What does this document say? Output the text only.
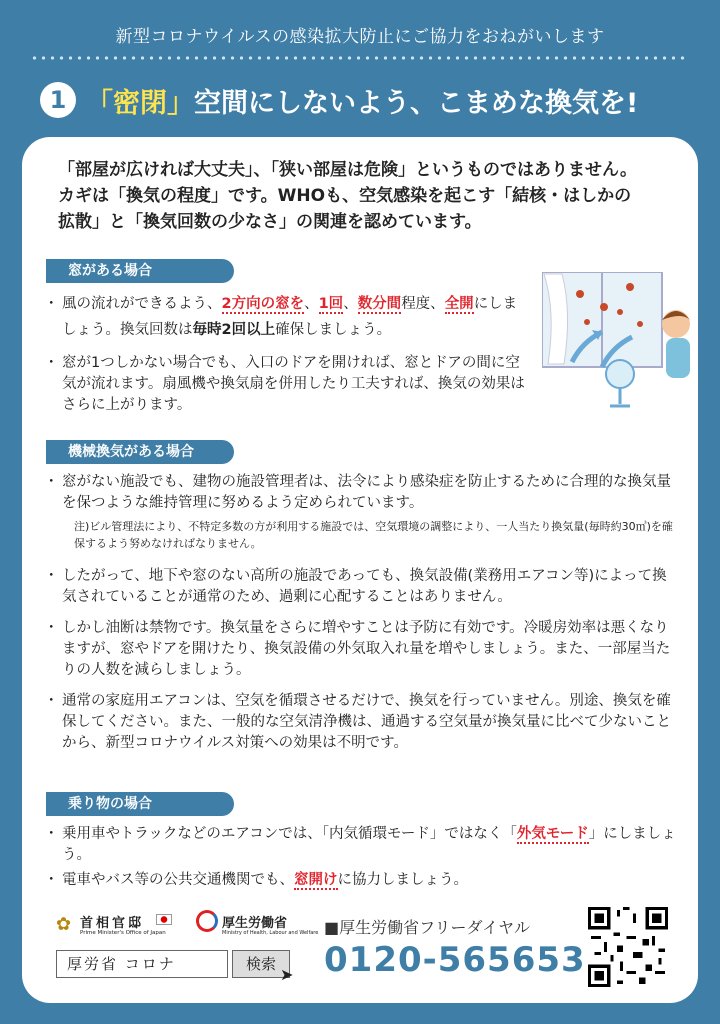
新型コロナウイルスの感染拡大防止にご協力をおねがいします
1 「密閉」 空間にしないよう、こまめな換気を!
「部屋が広ければ大丈夫」、「狭い部屋は危険」というものではありません。
カギは「換気の程度」です。WHOも、空気感染を起こす「結核・はしかの
拡散」と「換気回数の少なさ」の関連を認めています。
窓がある場合
・ 風の流れができるよう、2方向の窓を、1回、数分間程度、全開にしましょう。換気回数は毎時2回以上確保しましょう。
・ 窓が1つしかない場合でも、入口のドアを開ければ、窓とドアの間に空気が流れます。扇風機や換気扇を併用したり工夫すれば、換気の効果はさらに上がります。
機械換気がある場合
・ 窓がない施設でも、建物の施設管理者は、法令により感染症を防止するために合理的な換気量を保つような維持管理に努めるよう定められています。
注)ビル管理法により、不特定多数の方が利用する施設では、空気環境の調整により、一人当たり換気量(毎時約30㎥)を確保するよう努めなければなりません。
・ したがって、地下や窓のない高所の施設であっても、換気設備(業務用エアコン等)によって換気されていることが通常のため、過剰に心配することはありません。
・ しかし油断は禁物です。換気量をさらに増やすことは予防に有効です。冷暖房効率は悪くなりますが、窓やドアを開けたり、換気設備の外気取入れ量を増やしましょう。また、一部屋当たりの人数を減らしましょう。
・ 通常の家庭用エアコンは、空気を循環させるだけで、換気を行っていません。別途、換気を確保してください。また、一般的な空気清浄機は、通過する空気量が換気量に比べて少ないことから、新型コロナウイルス対策への効果は不明です。
乗り物の場合
・ 乗用車やトラックなどのエアコンでは、「内気循環モード」ではなく「外気モード」にしましょう。
・ 電車やバス等の公共交通機関でも、窓開けに協力しましょう。
✿ 首相官邸
Prime Minister's Office of Japan
厚生労働省
Ministry of Health, Labour and Welfare
厚労省 コロナ	検索
➤
■厚生労働省フリーダイヤル
0120-565653
